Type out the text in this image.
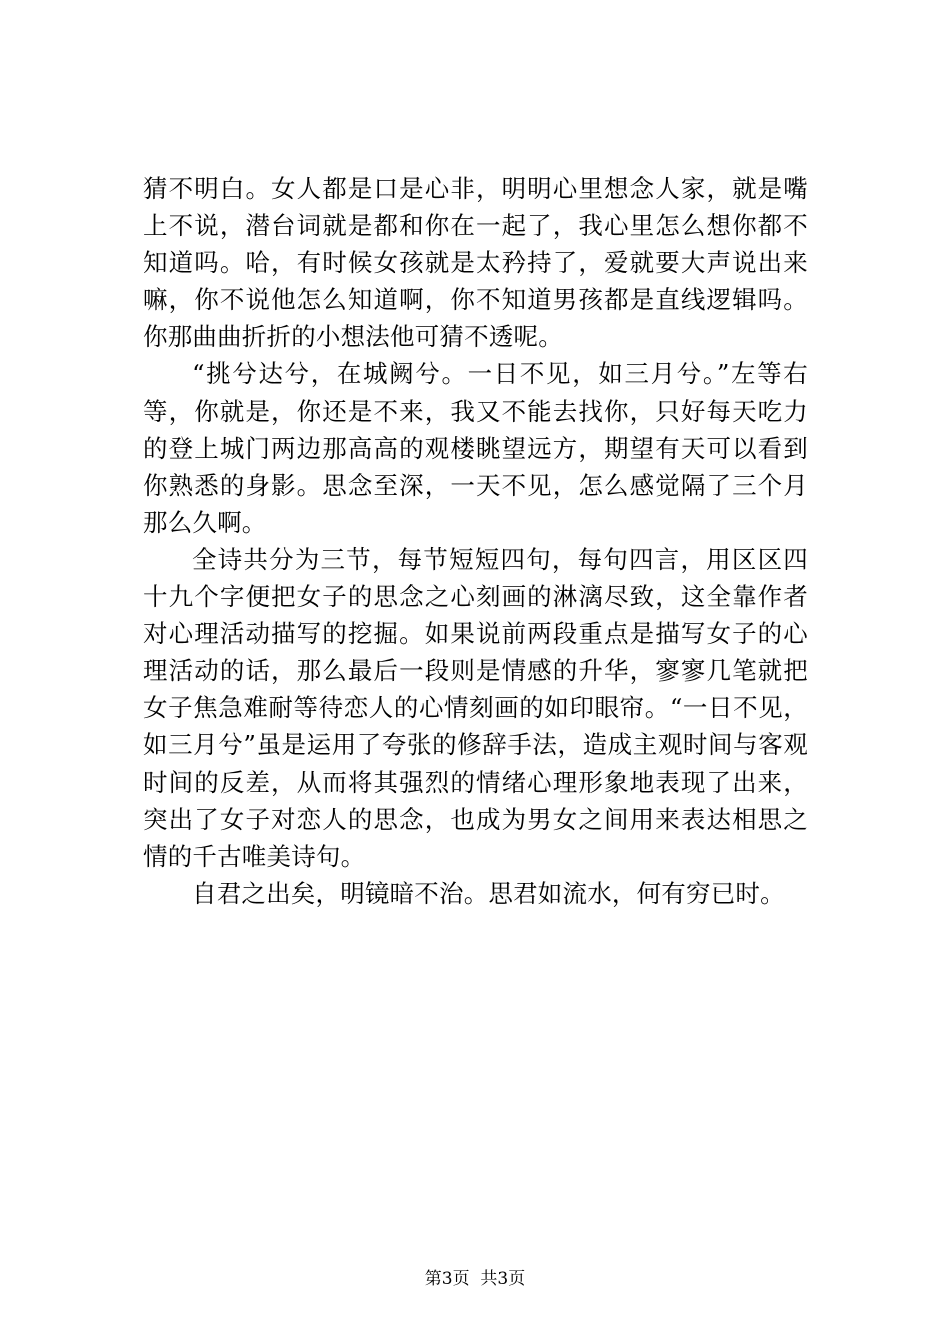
猜不明白。女人都是口是心非，明明心里想念人家，就是嘴上不说，潜台词就是都和你在一起了，我心里怎么想你都不知道吗。哈，有时候女孩就是太矜持了，爱就要大声说出来嘛，你不说他怎么知道啊，你不知道男孩都是直线逻辑吗。你那曲曲折折的小想法他可猜不透呢。

“挑兮达兮，在城阙兮。一日不见，如三月兮。”左等右等，你就是，你还是不来，我又不能去找你，只好每天吃力的登上城门两边那高高的观楼眺望远方，期望有天可以看到你熟悉的身影。思念至深，一天不见，怎么感觉隔了三个月那么久啊。

全诗共分为三节，每节短短四句，每句四言，用区区四十九个字便把女子的思念之心刻画的淋漓尽致，这全靠作者对心理活动描写的挖掘。如果说前两段重点是描写女子的心理活动的话，那么最后一段则是情感的升华，寥寥几笔就把女子焦急难耐等待恋人的心情刻画的如印眼帘。“一日不见，如三月兮”虽是运用了夸张的修辞手法，造成主观时间与客观时间的反差，从而将其强烈的情绪心理形象地表现了出来，突出了女子对恋人的思念，也成为男女之间用来表达相思之情的千古唯美诗句。

自君之出矣，明镜暗不治。思君如流水，何有穷已时。

第3页 共3页
